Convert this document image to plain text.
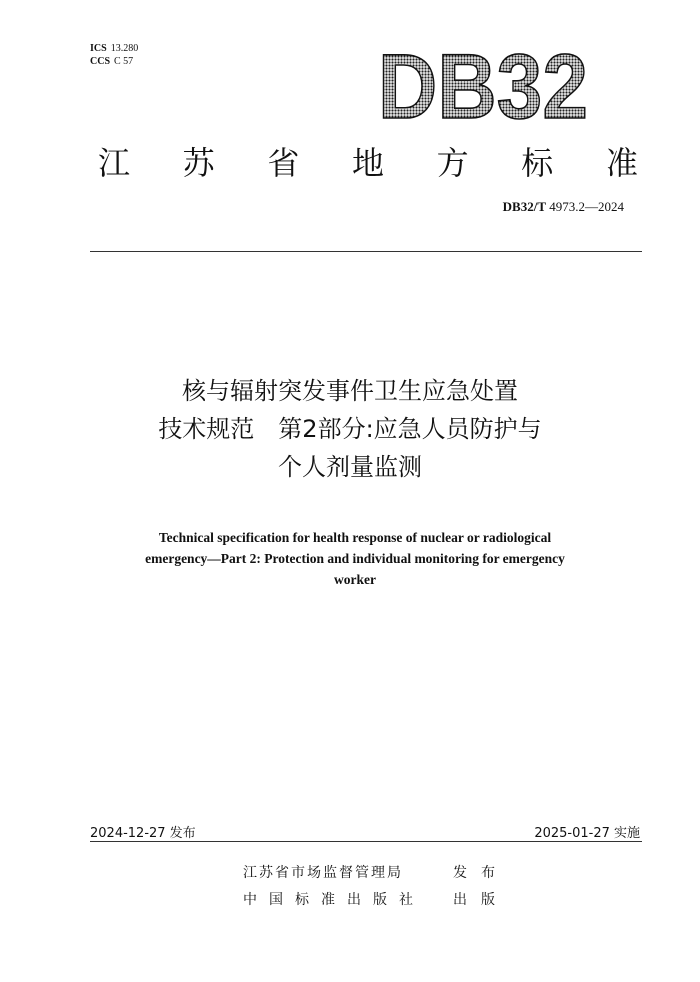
ICS 13.280
CCS C 57	DB32
江 苏 省 地 方 标 准
DB32/T 4973.2—2024
核与辐射突发事件卫生应急处置
技术规范　第2部分:应急人员防护与
个人剂量监测
Technical specification for health response of nuclear or radiological
emergency—Part 2: Protection and individual monitoring for emergency
worker
2024-12-27 发布	2025-01-27 实施
江苏省市场监督管理局	发布
中国标准出版社	出版
